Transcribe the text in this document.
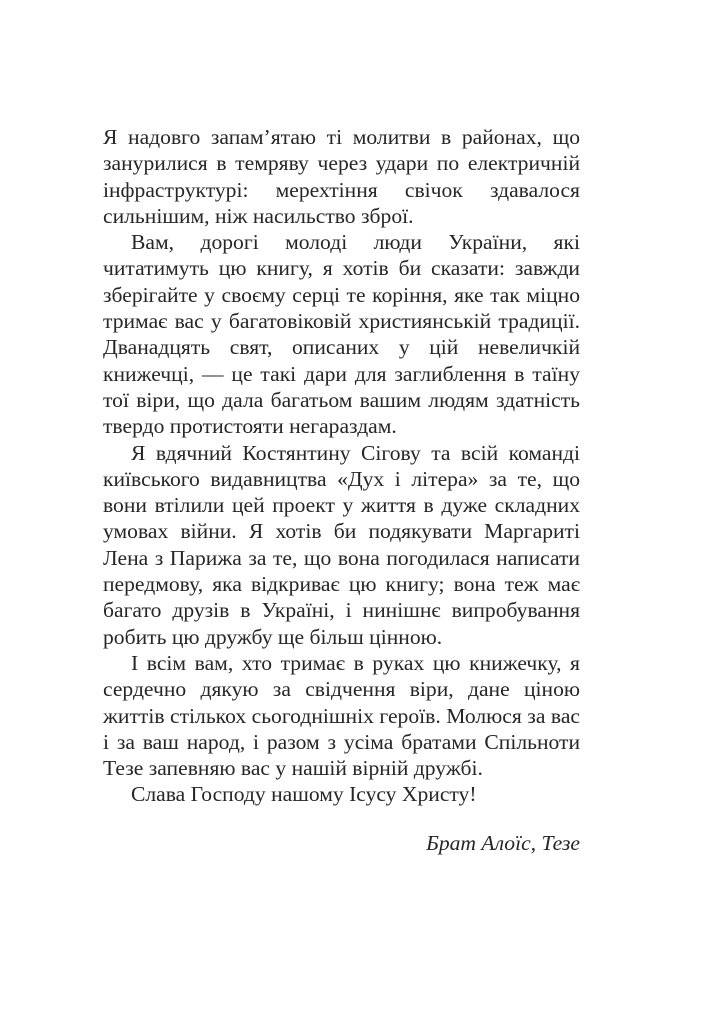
Я надовго запам’ятаю ті молитви в районах, що занурилися в темряву через удари по електричній інфраструктурі: мерехтіння свічок здавалося сильнішим, ніж насильство зброї.

Вам, дорогі молоді люди України, які читатимуть цю книгу, я хотів би сказати: завжди зберігайте у своєму серці те коріння, яке так міцно тримає вас у багатовіковій християнській традиції. Дванадцять свят, описаних у цій невеличкій книжечці, — це такі дари для заглиблення в таїну тої віри, що дала багатьом вашим людям здатність твердо протистояти негараздам.

Я вдячний Костянтину Сігову та всій команді київського видавництва «Дух і літера» за те, що вони втілили цей проект у життя в дуже складних умовах війни. Я хотів би подякувати Маргариті Лена з Парижа за те, що вона погодилася написати передмову, яка відкриває цю книгу; вона теж має багато друзів в Україні, і нинішнє випробування робить цю дружбу ще більш цінною.

І всім вам, хто тримає в руках цю книжечку, я сердечно дякую за свідчення віри, дане ціною життів стількох сьогоднішніх героїв. Молюся за вас і за ваш народ, і разом з усіма братами Спільноти Тезе запевняю вас у нашій вірній дружбі.

Слава Господу нашому Ісусу Христу!

Брат Алоїс, Тезе
